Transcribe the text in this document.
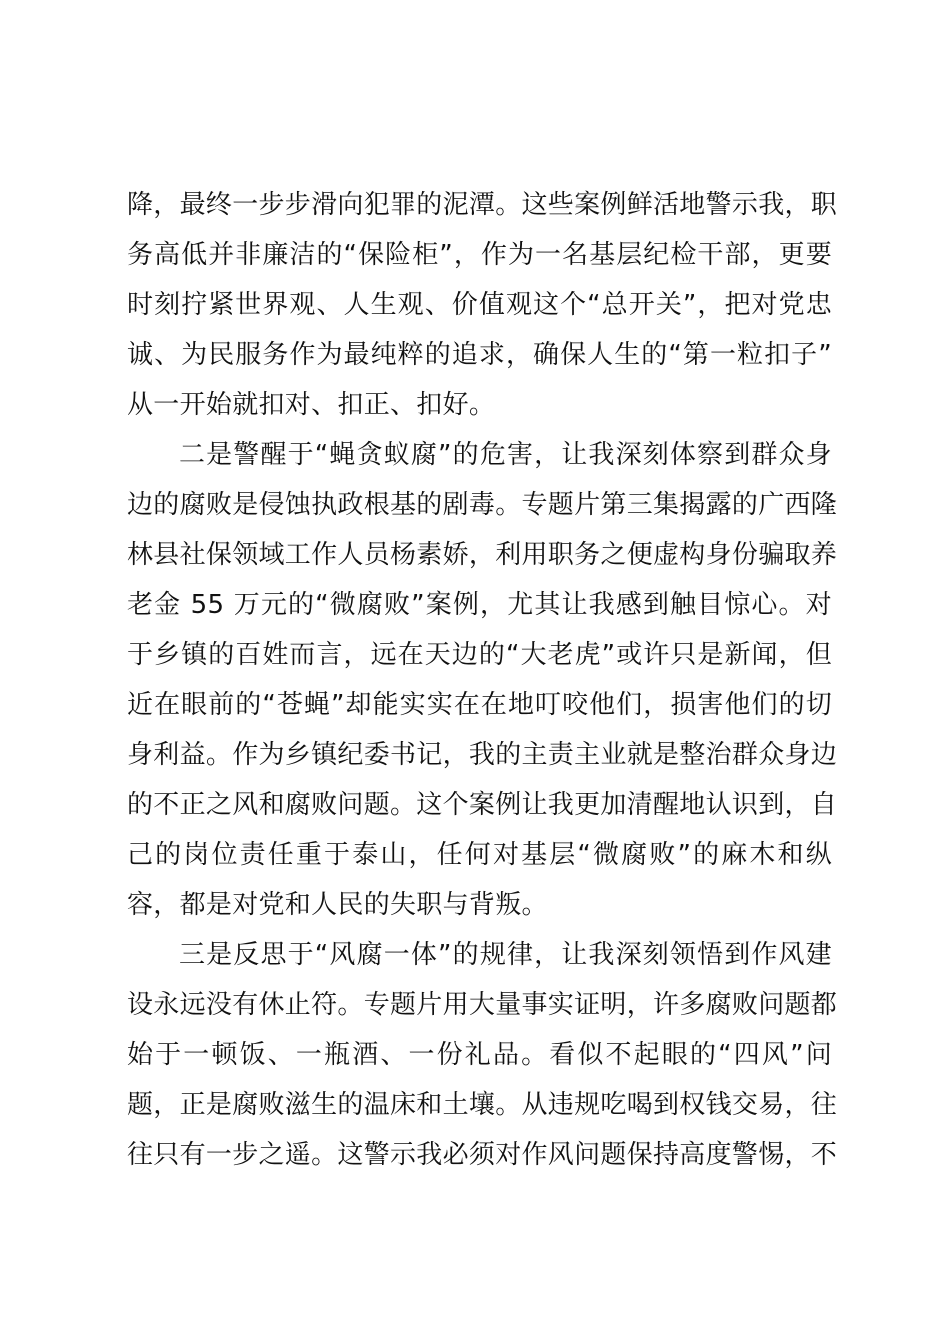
降，最终一步步滑向犯罪的泥潭。这些案例鲜活地警示我，职
务高低并非廉洁的“保险柜”，作为一名基层纪检干部，更要
时刻拧紧世界观、人生观、价值观这个“总开关”，把对党忠
诚、为民服务作为最纯粹的追求，确保人生的“第一粒扣子”
从一开始就扣对、扣正、扣好。
二是警醒于“蝇贪蚁腐”的危害，让我深刻体察到群众身
边的腐败是侵蚀执政根基的剧毒。专题片第三集揭露的广西隆
林县社保领域工作人员杨素娇，利用职务之便虚构身份骗取养
老金 55 万元的“微腐败”案例，尤其让我感到触目惊心。对
于乡镇的百姓而言，远在天边的“大老虎”或许只是新闻，但
近在眼前的“苍蝇”却能实实在在地叮咬他们，损害他们的切
身利益。作为乡镇纪委书记，我的主责主业就是整治群众身边
的不正之风和腐败问题。这个案例让我更加清醒地认识到，自
己的岗位责任重于泰山，任何对基层“微腐败”的麻木和纵
容，都是对党和人民的失职与背叛。
三是反思于“风腐一体”的规律，让我深刻领悟到作风建
设永远没有休止符。专题片用大量事实证明，许多腐败问题都
始于一顿饭、一瓶酒、一份礼品。看似不起眼的“四风”问
题，正是腐败滋生的温床和土壤。从违规吃喝到权钱交易，往
往只有一步之遥。这警示我必须对作风问题保持高度警惕，不
